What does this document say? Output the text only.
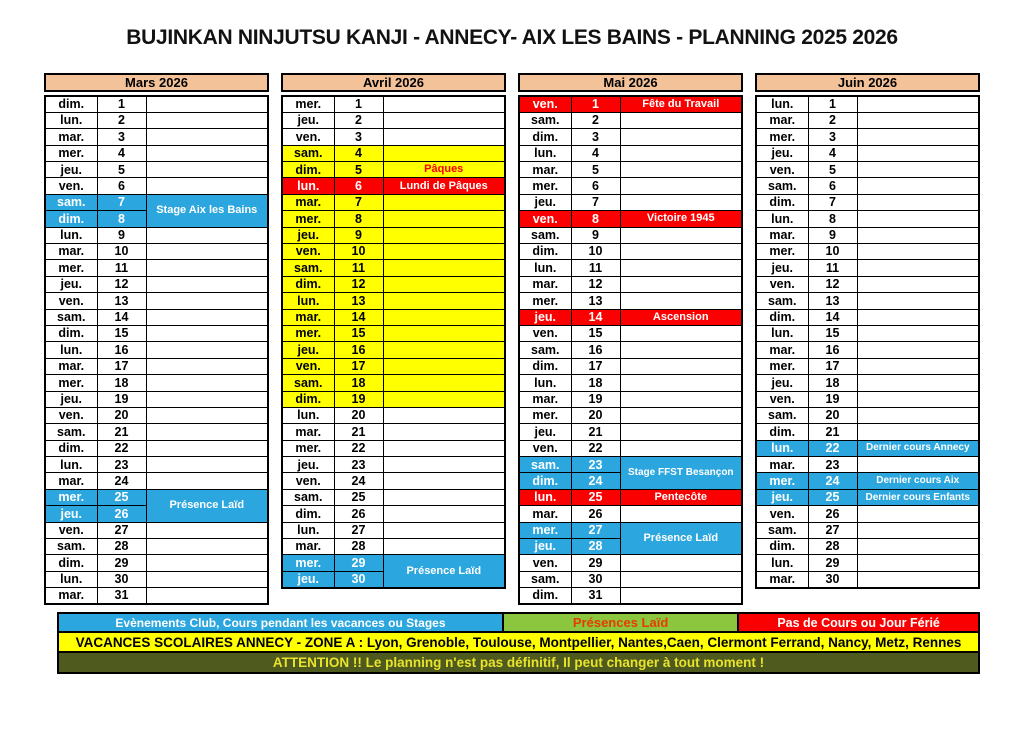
BUJINKAN NINJUTSU KANJI - ANNECY- AIX LES BAINS - PLANNING 2025 2026
Mars 2026
dim.	1	
lun.	2	
mar.	3	
mer.	4	
jeu.	5	
ven.	6	
sam.	7	Stage Aix les Bains
dim.	8	
lun.	9	
mar.	10	
mer.	11	
jeu.	12	
ven.	13	
sam.	14	
dim.	15	
lun.	16	
mar.	17	
mer.	18	
jeu.	19	
ven.	20	
sam.	21	
dim.	22	
lun.	23	
mar.	24	
mer.	25	Présence Laïd
jeu.	26	
ven.	27	
sam.	28	
dim.	29	
lun.	30	
mar.	31	
Avril 2026
mer.	1	
jeu.	2	
ven.	3	
sam.	4	
dim.	5	Pâques
lun.	6	Lundi de Pâques
mar.	7	
mer.	8	
jeu.	9	
ven.	10	
sam.	11	
dim.	12	
lun.	13	
mar.	14	
mer.	15	
jeu.	16	
ven.	17	
sam.	18	
dim.	19	
lun.	20	
mar.	21	
mer.	22	
jeu.	23	
ven.	24	
sam.	25	
dim.	26	
lun.	27	
mar.	28	
mer.	29	Présence Laïd
jeu.	30	
Mai 2026
ven.	1	Fête du Travail
sam.	2	
dim.	3	
lun.	4	
mar.	5	
mer.	6	
jeu.	7	
ven.	8	Victoire 1945
sam.	9	
dim.	10	
lun.	11	
mar.	12	
mer.	13	
jeu.	14	Ascension
ven.	15	
sam.	16	
dim.	17	
lun.	18	
mar.	19	
mer.	20	
jeu.	21	
ven.	22	
sam.	23	Stage FFST Besançon
dim.	24	
lun.	25	Pentecôte
mar.	26	
mer.	27	Présence Laïd
jeu.	28	
ven.	29	
sam.	30	
dim.	31	
Juin 2026
lun.	1	
mar.	2	
mer.	3	
jeu.	4	
ven.	5	
sam.	6	
dim.	7	
lun.	8	
mar.	9	
mer.	10	
jeu.	11	
ven.	12	
sam.	13	
dim.	14	
lun.	15	
mar.	16	
mer.	17	
jeu.	18	
ven.	19	
sam.	20	
dim.	21	
lun.	22	Dernier cours Annecy
mar.	23	
mer.	24	Dernier cours Aix
jeu.	25	Dernier cours Enfants
ven.	26	
sam.	27	
dim.	28	
lun.	29	
mar.	30	
Evènements Club, Cours pendant les vacances ou Stages	Présences Laïd	Pas de Cours ou Jour Férié
VACANCES SCOLAIRES ANNECY - ZONE A : Lyon, Grenoble, Toulouse, Montpellier, Nantes,Caen, Clermont Ferrand, Nancy, Metz, Rennes
ATTENTION !! Le planning n'est pas définitif, Il peut changer à tout moment !
